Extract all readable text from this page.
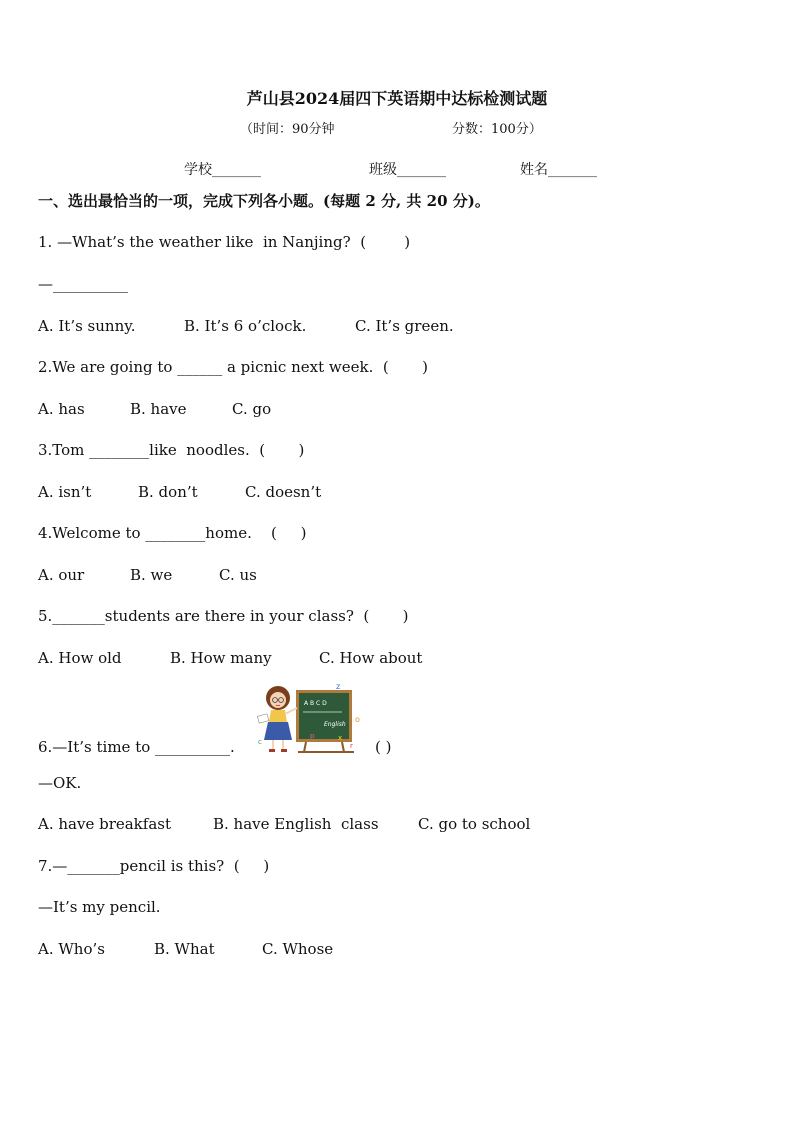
芦山县2024届四下英语期中达标检测试题
（时间：90分钟	分数：100分）
学校_______	班级_______	姓名_______
一、选出最恰当的一项，完成下列各小题。(每题 2 分, 共 20 分)。
1. —What’s the weather like  in Nanjing?  (        )
—__________
A. It’s sunny.	B. It’s 6 o’clock.	C. It’s green.
2.We are going to ______ a picnic next week.  (       )
A. has	B. have	C. go
3.Tom ________like  noodles.  (       )
A. isn’t	B. don’t	C. doesn’t
4.Welcome to ________home.    (     )
A. our	B. we	C. us
5._______students are there in your class?  (       )
A. How old	B. How many	C. How about
A B C D
English
z
o
p	x
r
c
6.—It’s time to __________.	( )
—OK.
A. have breakfast	B. have English  class	C. go to school
7.—_______pencil is this?  (     )
—It’s my pencil.
A. Who’s	B. What	C. Whose
